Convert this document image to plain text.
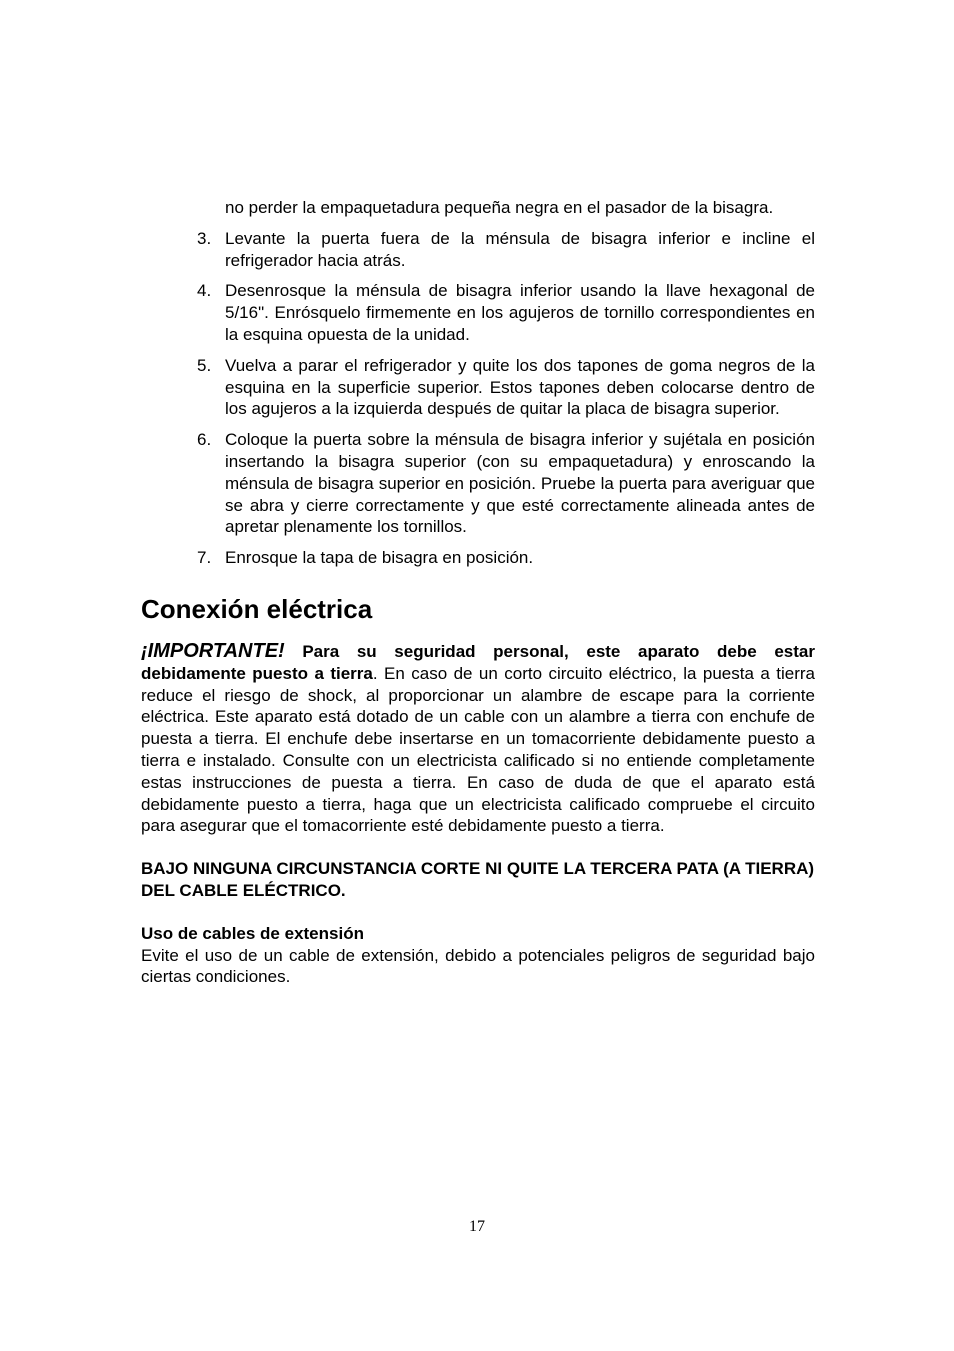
no perder la empaquetadura pequeña negra en el pasador de la bisagra.

3. Levante la puerta fuera de la ménsula de bisagra inferior e incline el refrigerador hacia atrás.
4. Desenrosque la ménsula de bisagra inferior usando la llave hexagonal de 5/16". Enrósquelo firmemente en los agujeros de tornillo correspondientes en la esquina opuesta de la unidad.
5. Vuelva a parar el refrigerador y quite los dos tapones de goma negros de la esquina en la superficie superior. Estos tapones deben colocarse dentro de los agujeros a la izquierda después de quitar la placa de bisagra superior.
6. Coloque la puerta sobre la ménsula de bisagra inferior y sujétala en posición insertando la bisagra superior (con su empaquetadura) y enroscando la ménsula de bisagra superior en posición. Pruebe la puerta para averiguar que se abra y cierre correctamente y que esté correctamente alineada antes de apretar plenamente los tornillos.
7. Enrosque la tapa de bisagra en posición.
Conexión eléctrica

¡IMPORTANTE! Para su seguridad personal, este aparato debe estar debidamente puesto a tierra. En caso de un corto circuito eléctrico, la puesta a tierra reduce el riesgo de shock, al proporcionar un alambre de escape para la corriente eléctrica. Este aparato está dotado de un cable con un alambre a tierra con enchufe de puesta a tierra. El enchufe debe insertarse en un tomacorriente debidamente puesto a tierra e instalado. Consulte con un electricista calificado si no entiende completamente estas instrucciones de puesta a tierra. En caso de duda de que el aparato está debidamente puesto a tierra, haga que un electricista calificado compruebe el circuito para asegurar que el tomacorriente esté debidamente puesto a tierra.

BAJO NINGUNA CIRCUNSTANCIA CORTE NI QUITE LA TERCERA PATA (A TIERRA) DEL CABLE ELÉCTRICO.

Uso de cables de extensión

Evite el uso de un cable de extensión, debido a potenciales peligros de seguridad bajo ciertas condiciones.

17
